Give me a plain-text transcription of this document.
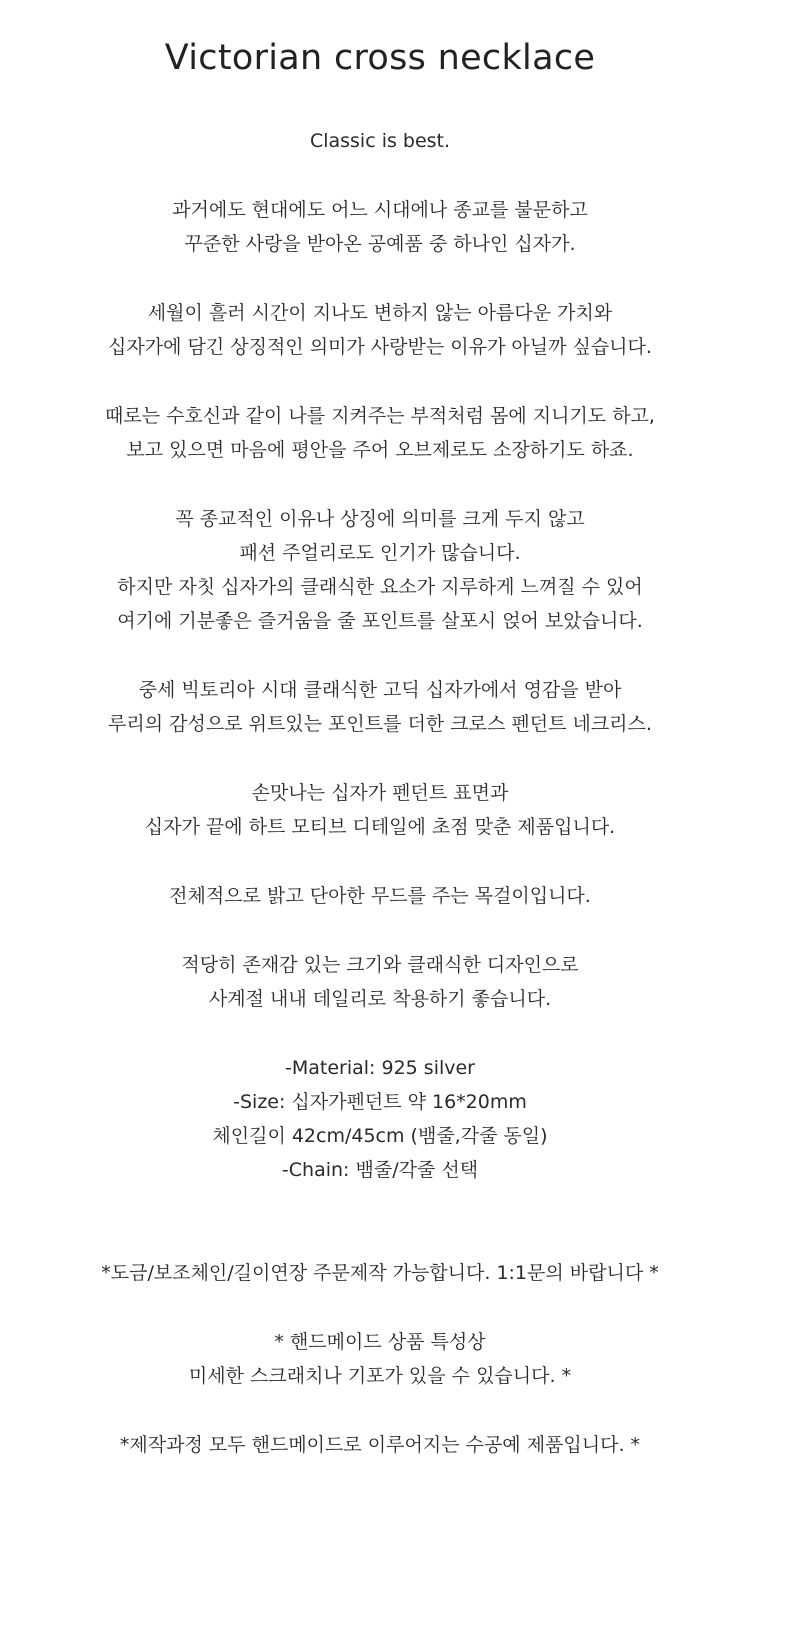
Victorian cross necklace
Classic is best.
과거에도 현대에도 어느 시대에나 종교를 불문하고
꾸준한 사랑을 받아온 공예품 중 하나인 십자가.
세월이 흘러 시간이 지나도 변하지 않는 아름다운 가치와
십자가에 담긴 상징적인 의미가 사랑받는 이유가 아닐까 싶습니다.
때로는 수호신과 같이 나를 지켜주는 부적처럼 몸에 지니기도 하고,
보고 있으면 마음에 평안을 주어 오브제로도 소장하기도 하죠.
꼭 종교적인 이유나 상징에 의미를 크게 두지 않고
패션 주얼리로도 인기가 많습니다.
하지만 자칫 십자가의 클래식한 요소가 지루하게 느껴질 수 있어
여기에 기분좋은 즐거움을 줄 포인트를 살포시 얹어 보았습니다.
중세 빅토리아 시대 클래식한 고딕 십자가에서 영감을 받아
루리의 감성으로 위트있는 포인트를 더한 크로스 펜던트 네크리스.
손맛나는 십자가 펜던트 표면과
십자가 끝에 하트 모티브 디테일에 초점 맞춘 제품입니다.
전체적으로 밝고 단아한 무드를 주는 목걸이입니다.
적당히 존재감 있는 크기와 클래식한 디자인으로
사계절 내내 데일리로 착용하기 좋습니다.
-Material: 925 silver
-Size: 십자가펜던트 약 16*20mm
체인길이 42cm/45cm (뱀줄,각줄 동일)
-Chain: 뱀줄/각줄 선택
*도금/보조체인/길이연장 주문제작 가능합니다. 1:1문의 바랍니다 *
* 핸드메이드 상품 특성상
미세한 스크래치나 기포가 있을 수 있습니다. *
*제작과정 모두 핸드메이드로 이루어지는 수공예 제품입니다. *
